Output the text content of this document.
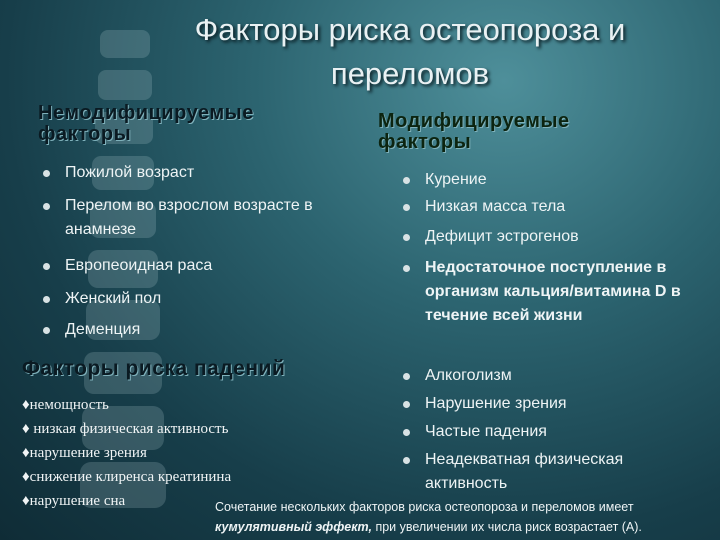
Факторы риска остеопороза и переломов
Немодифицируемые факторы
Модифицируемые факторы
Пожилой возраст
Перелом во взрослом возрасте в анамнезе
Европеоидная раса
Женский пол
Деменция
Курение
Низкая масса тела
Дефицит эстрогенов
Недостаточное поступление в организм кальция/витамина D в течение всей жизни
Алкоголизм
Нарушение зрения
Частые падения
Неадекватная физическая активность
Факторы риска падений
♦немощность
♦ низкая физическая активность
♦нарушение зрения
♦снижение клиренса креатинина
♦нарушение сна	Сочетание нескольких факторов риска остеопороза и переломов имеет
кумулятивный эффект, при увеличении их числа риск возрастает (А).
